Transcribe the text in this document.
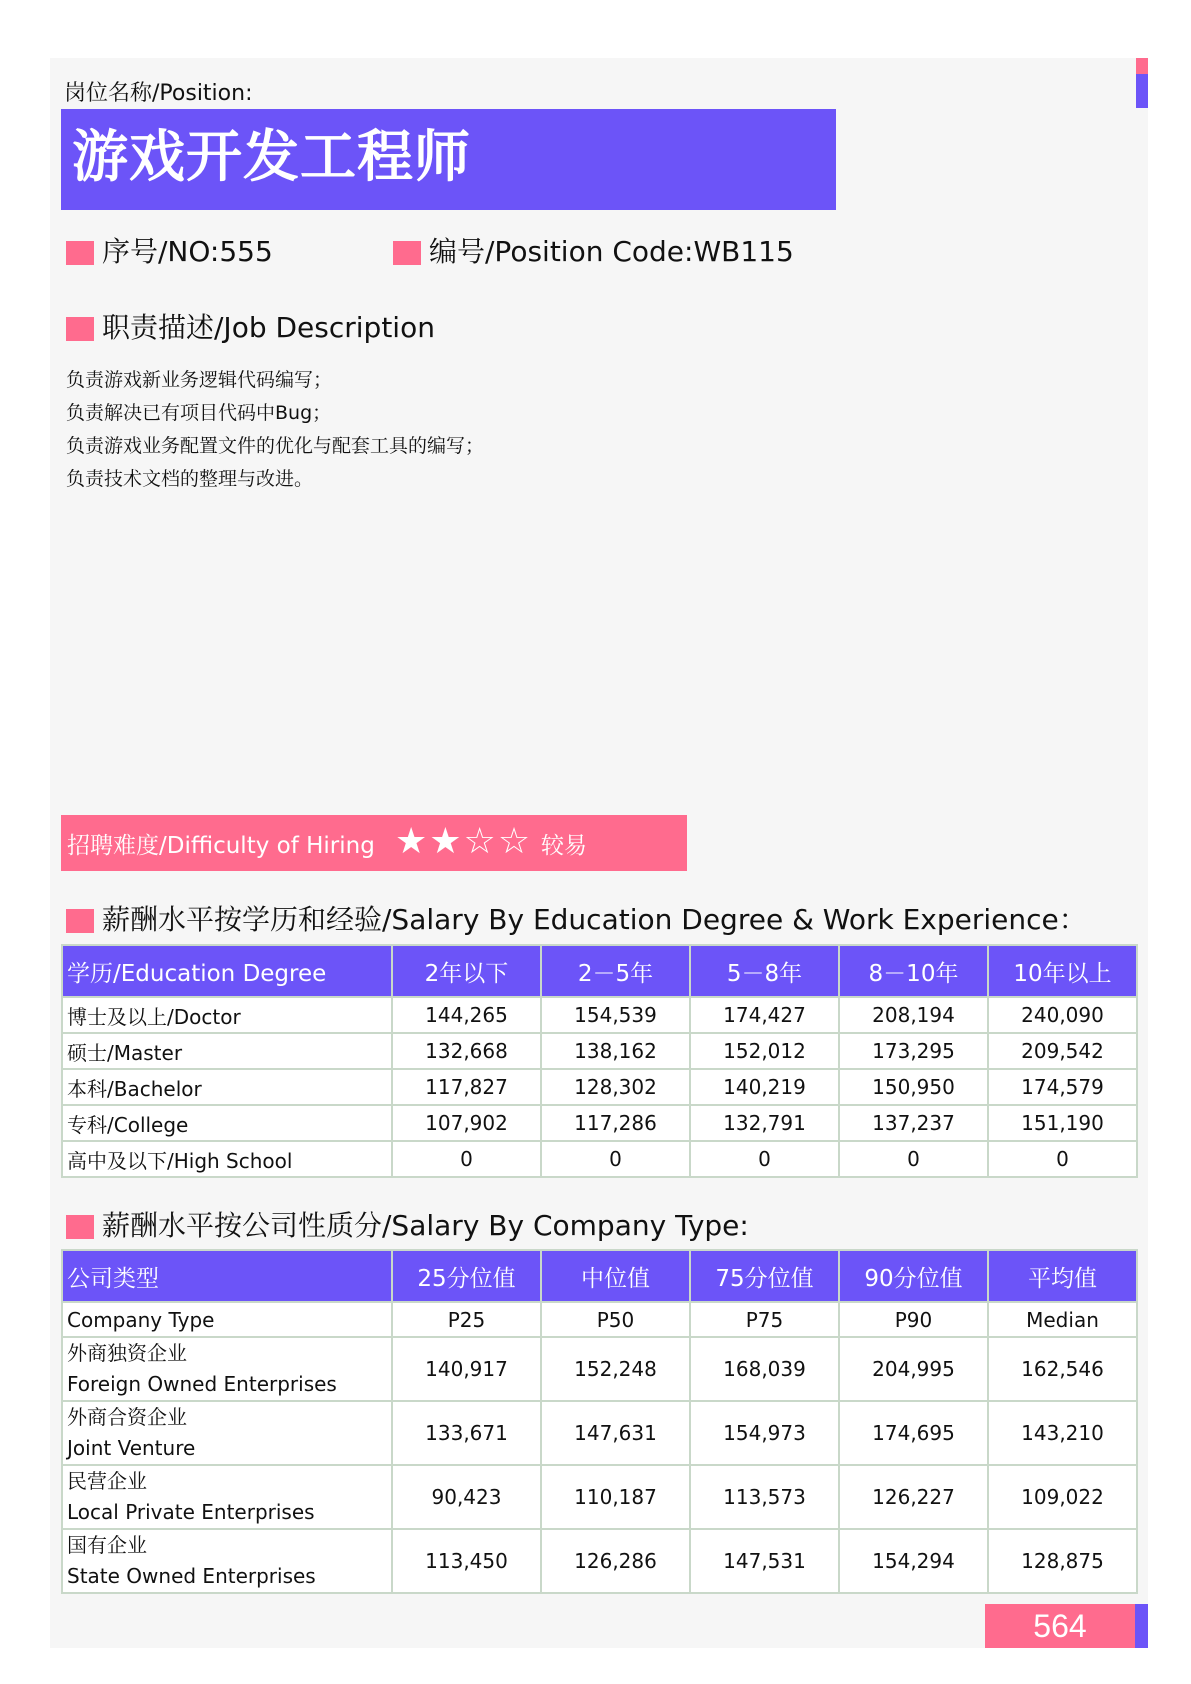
岗位名称/Position:
游戏开发工程师
序号/NO:555	编号/Position Code:WB115
职责描述/Job Description
负责游戏新业务逻辑代码编写；
负责解决已有项目代码中Bug；
负责游戏业务配置文件的优化与配套工具的编写；
负责技术文档的整理与改进。
招聘难度/Difficulty of Hiring ★★☆☆ 较易
薪酬水平按学历和经验/Salary By Education Degree & Work Experience：
学历/Education Degree	2年以下	2－5年	5－8年	8－10年	10年以上
博士及以上/Doctor	144,265	154,539	174,427	208,194	240,090
硕士/Master	132,668	138,162	152,012	173,295	209,542
本科/Bachelor	117,827	128,302	140,219	150,950	174,579
专科/College	107,902	117,286	132,791	137,237	151,190
高中及以下/High School	0	0	0	0	0
薪酬水平按公司性质分/Salary By Company Type:
公司类型	25分位值	中位值	75分位值	90分位值	平均值
Company Type	P25	P50	P75	P90	Median

外商独资企业
Foreign Owned Enterprises	140,917	152,248	168,039	204,995	162,546

外商合资企业
Joint Venture	133,671	147,631	154,973	174,695	143,210

民营企业
Local Private Enterprises	90,423	110,187	113,573	126,227	109,022

国有企业
State Owned Enterprises	113,450	126,286	147,531	154,294	128,875
564
